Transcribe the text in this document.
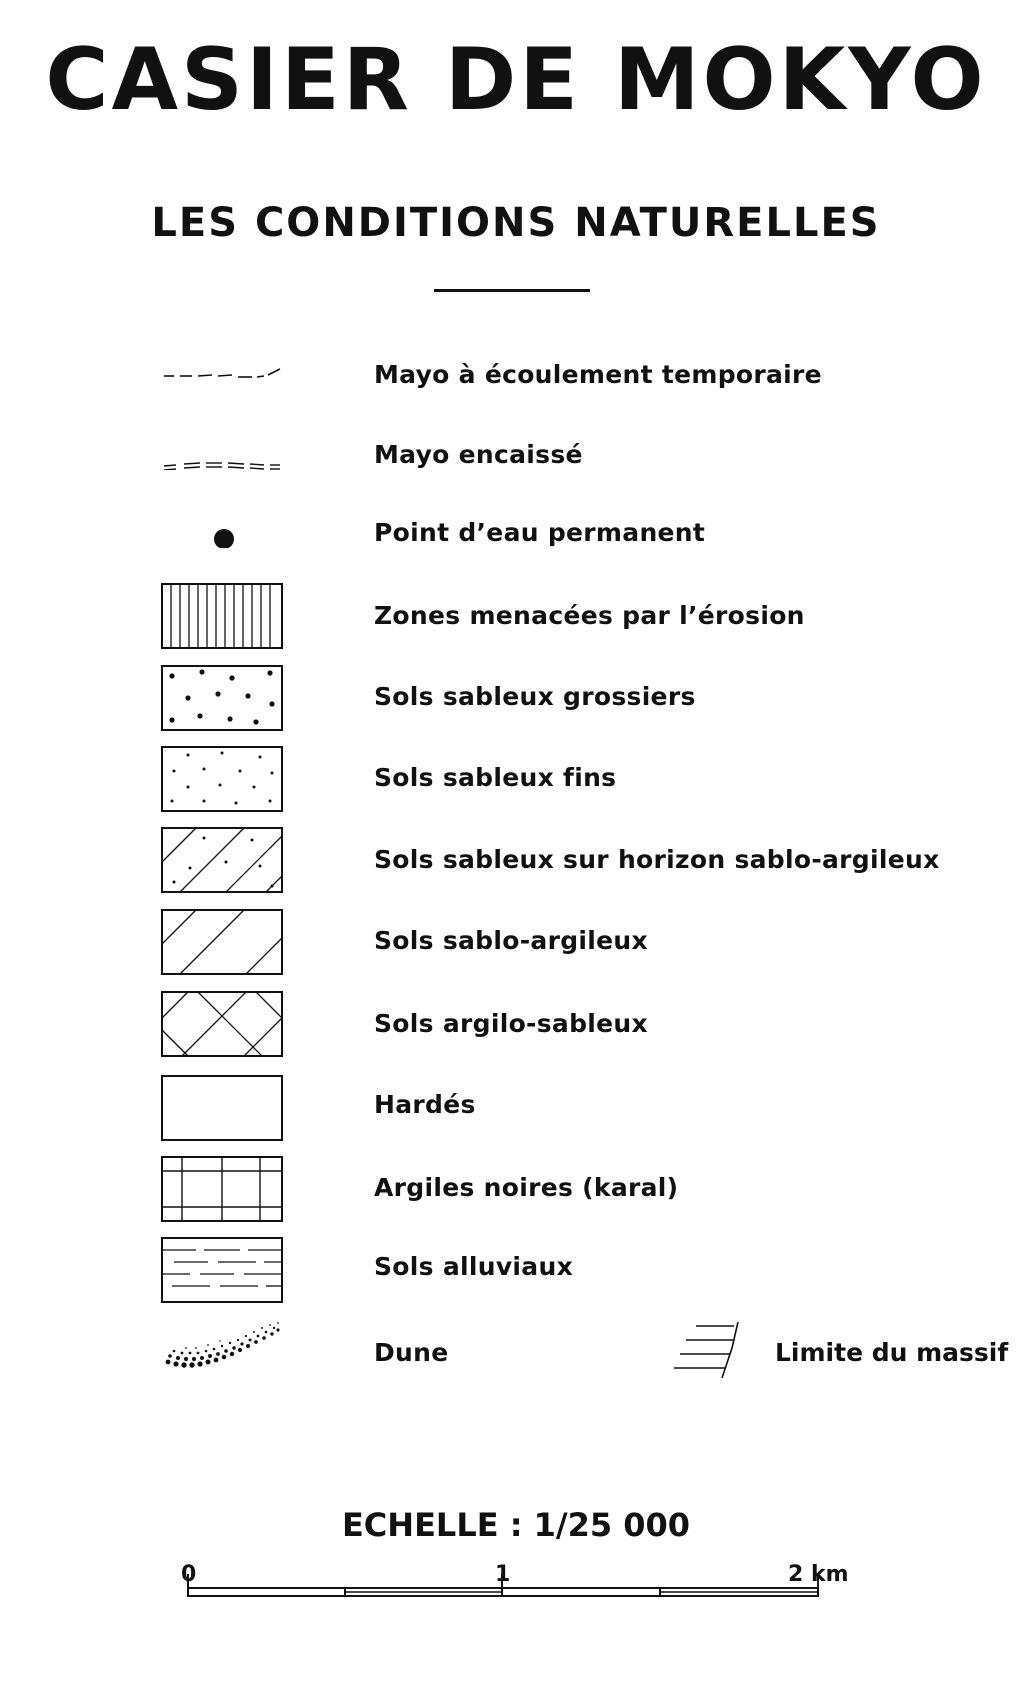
CASIER DE MOKYO
LES CONDITIONS NATURELLES
Mayo à écoulement temporaire
Mayo encaissé
Point d’eau permanent
Zones menacées par l’érosion
Sols sableux grossiers
Sols sableux fins
Sols sableux sur horizon sablo-argileux
Sols sablo-argileux
Sols argilo-sableux
Hardés
Argiles noires (karal)
Sols alluviaux
Dune	Limite du massif
ECHELLE : 1/25 000
0	1	2 km
